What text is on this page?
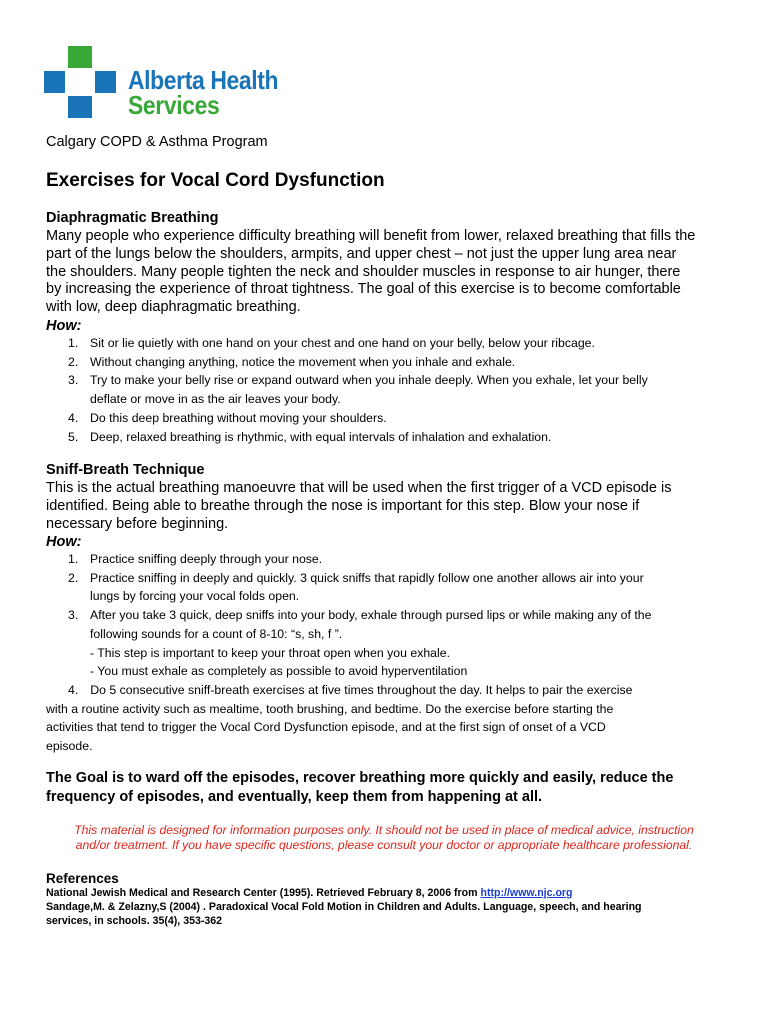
Alberta Health
Services
Calgary COPD & Asthma Program
Exercises for Vocal Cord Dysfunction
Diaphragmatic Breathing
Many people who experience difficulty breathing will benefit from lower, relaxed breathing that fills the
part of the lungs below the shoulders, armpits, and upper chest – not just the upper lung area near
the shoulders. Many people tighten the neck and shoulder muscles in response to air hunger, there
by increasing the experience of throat tightness. The goal of this exercise is to become comfortable
with low, deep diaphragmatic breathing.
How:
1. Sit or lie quietly with one hand on your chest and one hand on your belly, below your ribcage.
2. Without changing anything, notice the movement when you inhale and exhale.
3. Try to make your belly rise or expand outward when you inhale deeply. When you exhale, let your belly
deflate or move in as the air leaves your body.
4. Do this deep breathing without moving your shoulders.
5. Deep, relaxed breathing is rhythmic, with equal intervals of inhalation and exhalation.
Sniff-Breath Technique
This is the actual breathing manoeuvre that will be used when the first trigger of a VCD episode is
identified. Being able to breathe through the nose is important for this step. Blow your nose if
necessary before beginning.
How:
1. Practice sniffing deeply through your nose.
2. Practice sniffing in deeply and quickly. 3 quick sniffs that rapidly follow one another allows air into your
lungs by forcing your vocal folds open.
3. After you take 3 quick, deep sniffs into your body, exhale through pursed lips or while making any of the
following sounds for a count of 8-10: “s, sh, f ”.
- This step is important to keep your throat open when you exhale.
- You must exhale as completely as possible to avoid hyperventilation
4. Do 5 consecutive sniff-breath exercises at five times throughout the day. It helps to pair the exercise
with a routine activity such as mealtime, tooth brushing, and bedtime. Do the exercise before starting the
activities that tend to trigger the Vocal Cord Dysfunction episode, and at the first sign of onset of a VCD
episode.
The Goal is to ward off the episodes, recover breathing more quickly and easily, reduce the
frequency of episodes, and eventually, keep them from happening at all.
This material is designed for information purposes only. It should not be used in place of medical advice, instruction
and/or treatment. If you have specific questions, please consult your doctor or appropriate healthcare professional.
References
National Jewish Medical and Research Center (1995). Retrieved February 8, 2006 from http://www.njc.org
Sandage,M. & Zelazny,S (2004) . Paradoxical Vocal Fold Motion in Children and Adults. Language, speech, and hearing
services, in schools. 35(4), 353-362
